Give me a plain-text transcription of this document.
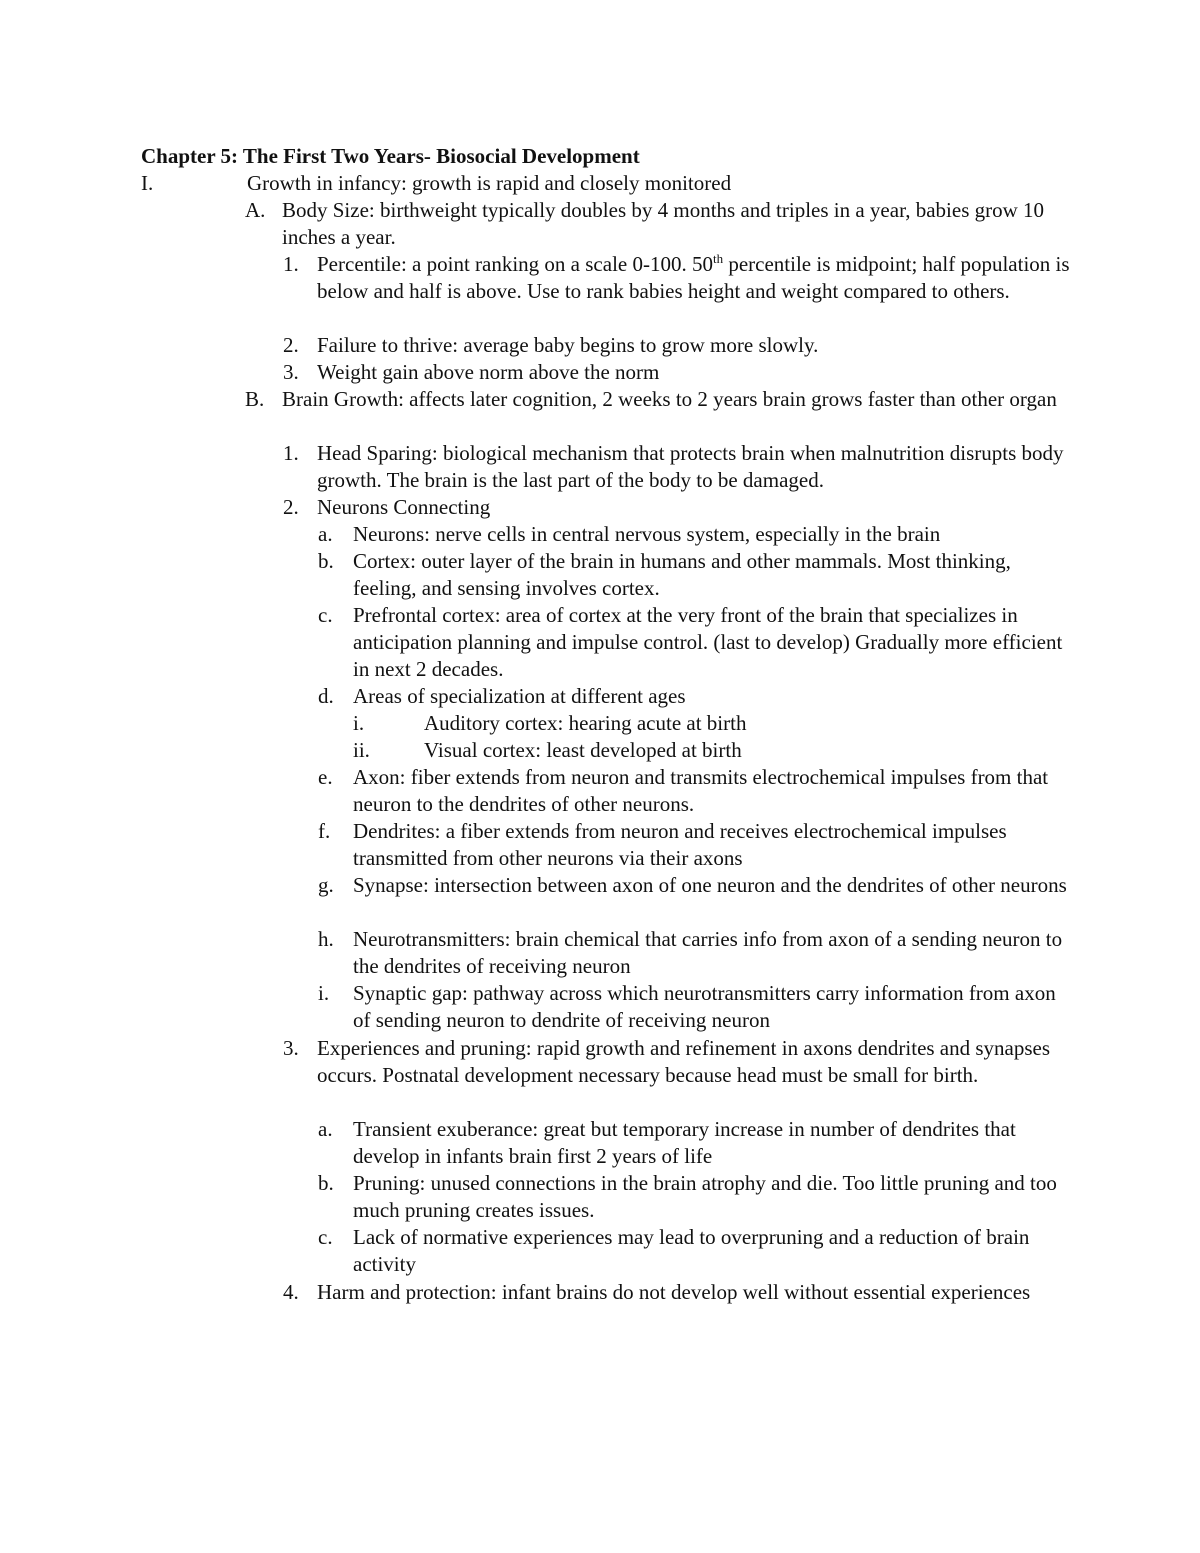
Chapter 5: The First Two Years- Biosocial Development
I.	Growth in infancy: growth is rapid and closely monitored
A. Body Size: birthweight typically doubles by 4 months and triples in a year, babies grow 10 inches a year.
1. Percentile: a point ranking on a scale 0-100. 50th percentile is midpoint; half population is below and half is above. Use to rank babies height and weight compared to others.
2. Failure to thrive: average baby begins to grow more slowly.
3. Weight gain above norm above the norm
B. Brain Growth: affects later cognition, 2 weeks to 2 years brain grows faster than other organ
1. Head Sparing: biological mechanism that protects brain when malnutrition disrupts body growth. The brain is the last part of the body to be damaged.
2. Neurons Connecting
a. Neurons: nerve cells in central nervous system, especially in the brain
b. Cortex: outer layer of the brain in humans and other mammals. Most thinking, feeling, and sensing involves cortex.
c. Prefrontal cortex: area of cortex at the very front of the brain that specializes in anticipation planning and impulse control. (last to develop) Gradually more efficient in next 2 decades.
d. Areas of specialization at different ages
i.	Auditory cortex: hearing acute at birth
ii.	Visual cortex: least developed at birth
e. Axon: fiber extends from neuron and transmits electrochemical impulses from that neuron to the dendrites of other neurons.
f. Dendrites: a fiber extends from neuron and receives electrochemical impulses transmitted from other neurons via their axons
g. Synapse: intersection between axon of one neuron and the dendrites of other neurons
h. Neurotransmitters: brain chemical that carries info from axon of a sending neuron to the dendrites of receiving neuron
i. Synaptic gap: pathway across which neurotransmitters carry information from axon of sending neuron to dendrite of receiving neuron
3. Experiences and pruning: rapid growth and refinement in axons dendrites and synapses occurs. Postnatal development necessary because head must be small for birth.
a. Transient exuberance: great but temporary increase in number of dendrites that develop in infants brain first 2 years of life
b. Pruning: unused connections in the brain atrophy and die. Too little pruning and too much pruning creates issues.
c. Lack of normative experiences may lead to overpruning and a reduction of brain activity
4. Harm and protection: infant brains do not develop well without essential experiences
